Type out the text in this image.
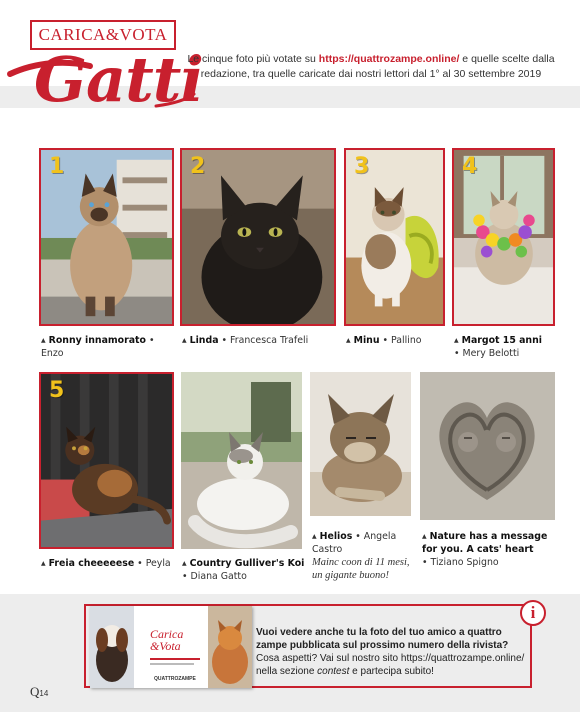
CARICA&VOTA
Gatti
Le cinque foto più votate su https://quattrozampe.online/ e quelle scelte dalla redazione, tra quelle caricate dai nostri lettori dal 1° al 30 settembre 2019
1	2	3	4
▲ Ronny innamorato • Enzo
▲ Linda • Francesca Trafeli	▲ Minu • Pallino	▲ Margot 15 anni
• Mery Belotti
5
▲ Freia cheeeeese • Peyla	▲ Country Gulliver's Koi
• Diana Gatto
▲ Helios • Angela Castro
Mainc coon di 11 mesi, un gigante buono!
▲ Nature has a message for you. A cats' heart
• Tiziano Spigno
Carica
&Vota
QUATTROZAMPE
i
Vuoi vedere anche tu la foto del tuo amico a quattro zampe pubblicata sul prossimo numero della rivista?
Cosa aspetti? Vai sul nostro sito https://quattrozampe.online/
nella sezione contest e partecipa subito!
Q14
